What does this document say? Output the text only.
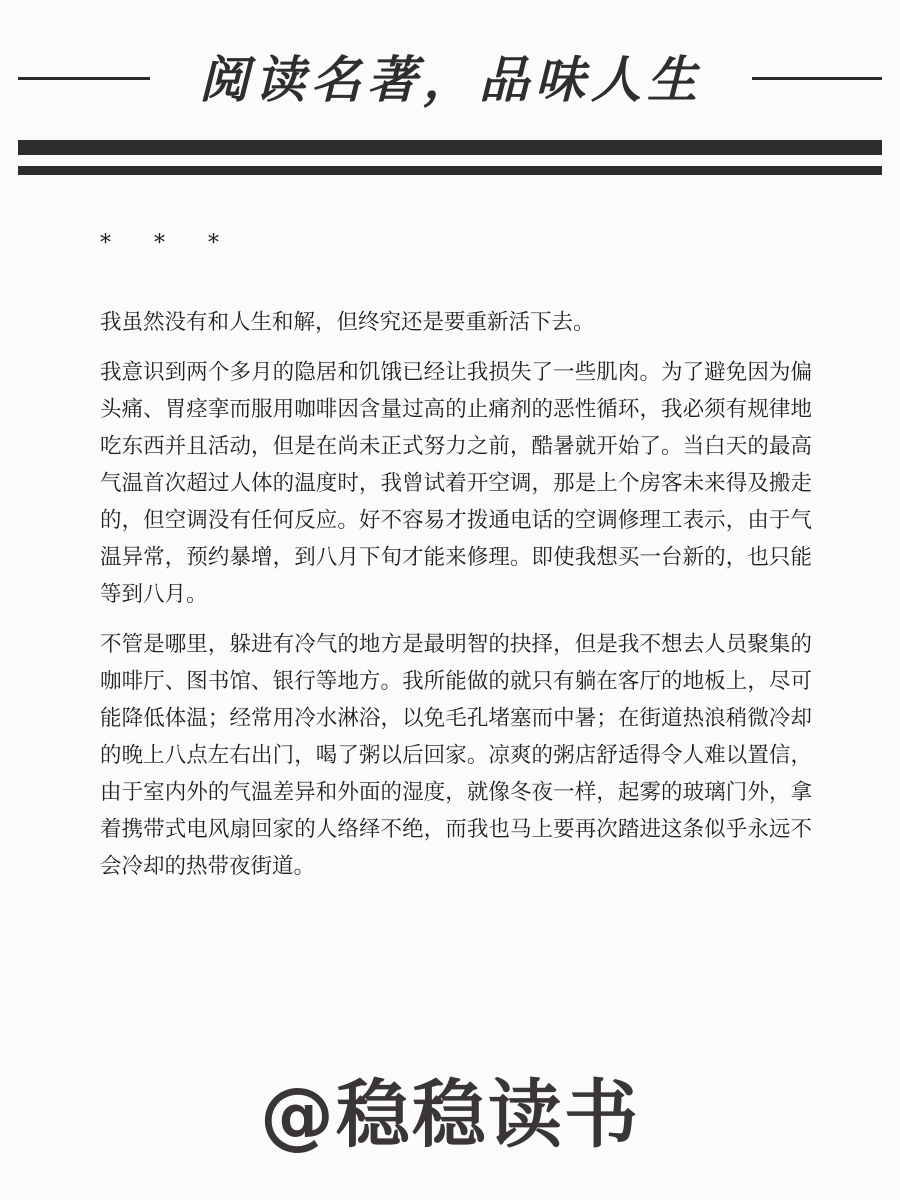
阅读名著，品味人生
* * *

我虽然没有和人生和解，但终究还是要重新活下去。

我意识到两个多月的隐居和饥饿已经让我损失了一些肌肉。为了避免因为偏头痛、胃痉挛而服用咖啡因含量过高的止痛剂的恶性循环，我必须有规律地吃东西并且活动，但是在尚未正式努力之前，酷暑就开始了。当白天的最高气温首次超过人体的温度时，我曾试着开空调，那是上个房客未来得及搬走的，但空调没有任何反应。好不容易才拨通电话的空调修理工表示，由于气温异常，预约暴增，到八月下旬才能来修理。即使我想买一台新的，也只能等到八月。

不管是哪里，躲进有冷气的地方是最明智的抉择，但是我不想去人员聚集的咖啡厅、图书馆、银行等地方。我所能做的就只有躺在客厅的地板上，尽可能降低体温；经常用冷水淋浴，以免毛孔堵塞而中暑；在街道热浪稍微冷却的晚上八点左右出门，喝了粥以后回家。凉爽的粥店舒适得令人难以置信，由于室内外的气温差异和外面的湿度，就像冬夜一样，起雾的玻璃门外，拿着携带式电风扇回家的人络绎不绝，而我也马上要再次踏进这条似乎永远不会冷却的热带夜街道。

@稳稳读书
